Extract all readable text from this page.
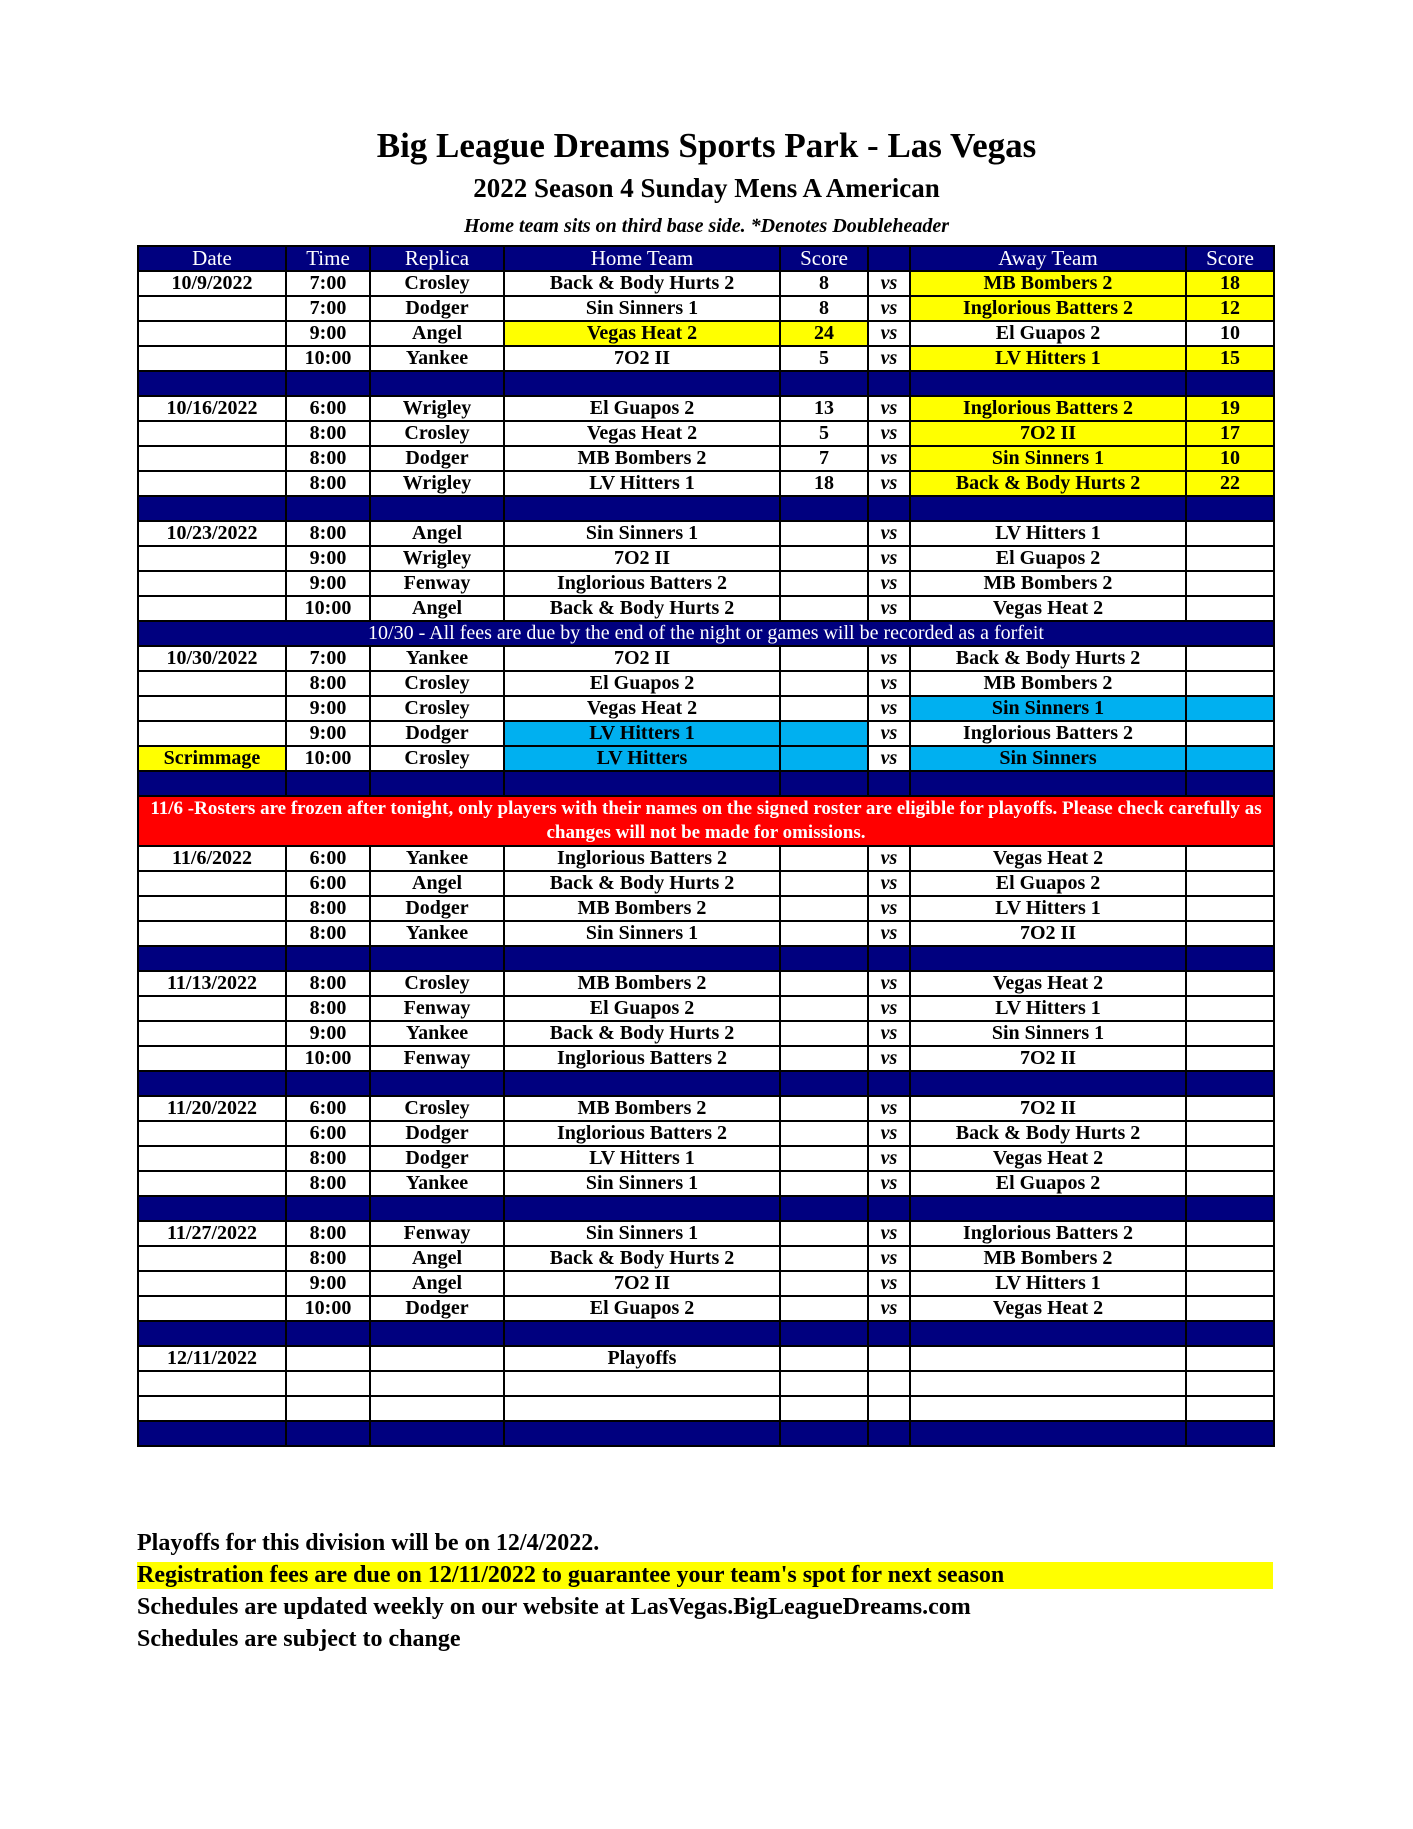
Big League Dreams Sports Park - Las Vegas
2022 Season 4 Sunday Mens A American
Home team sits on third base side. *Denotes Doubleheader
Date	Time	Replica	Home Team	Score		Away Team	Score
10/9/2022	7:00	Crosley	Back & Body Hurts 2	8	vs	MB Bombers 2	18
	7:00	Dodger	Sin Sinners 1	8	vs	Inglorious Batters 2	12
	9:00	Angel	Vegas Heat 2	24	vs	El Guapos 2	10
	10:00	Yankee	7O2 II	5	vs	LV Hitters 1	15

10/16/2022	6:00	Wrigley	El Guapos 2	13	vs	Inglorious Batters 2	19
	8:00	Crosley	Vegas Heat 2	5	vs	7O2 II	17
	8:00	Dodger	MB Bombers 2	7	vs	Sin Sinners 1	10
	8:00	Wrigley	LV Hitters 1	18	vs	Back & Body Hurts 2	22

10/23/2022	8:00	Angel	Sin Sinners 1		vs	LV Hitters 1	
	9:00	Wrigley	7O2 II		vs	El Guapos 2	
	9:00	Fenway	Inglorious Batters 2		vs	MB Bombers 2	
	10:00	Angel	Back & Body Hurts 2		vs	Vegas Heat 2	
10/30 - All fees are due by the end of the night or games will be recorded as a forfeit							
10/30/2022	7:00	Yankee	7O2 II		vs	Back & Body Hurts 2	
	8:00	Crosley	El Guapos 2		vs	MB Bombers 2	
	9:00	Crosley	Vegas Heat 2		vs	Sin Sinners 1	
	9:00	Dodger	LV Hitters 1		vs	Inglorious Batters 2	
Scrimmage	10:00	Crosley	LV Hitters		vs	Sin Sinners	

11/6 -Rosters are frozen after tonight, only players with their names on the signed roster are eligible for playoffs. Please check carefully as changes will not be made for omissions.							
11/6/2022	6:00	Yankee	Inglorious Batters 2		vs	Vegas Heat 2	
	6:00	Angel	Back & Body Hurts 2		vs	El Guapos 2	
	8:00	Dodger	MB Bombers 2		vs	LV Hitters 1	
	8:00	Yankee	Sin Sinners 1		vs	7O2 II	

11/13/2022	8:00	Crosley	MB Bombers 2		vs	Vegas Heat 2	
	8:00	Fenway	El Guapos 2		vs	LV Hitters 1	
	9:00	Yankee	Back & Body Hurts 2		vs	Sin Sinners 1	
	10:00	Fenway	Inglorious Batters 2		vs	7O2 II	

11/20/2022	6:00	Crosley	MB Bombers 2		vs	7O2 II	
	6:00	Dodger	Inglorious Batters 2		vs	Back & Body Hurts 2	
	8:00	Dodger	LV Hitters 1		vs	Vegas Heat 2	
	8:00	Yankee	Sin Sinners 1		vs	El Guapos 2	

11/27/2022	8:00	Fenway	Sin Sinners 1		vs	Inglorious Batters 2	
	8:00	Angel	Back & Body Hurts 2		vs	MB Bombers 2	
	9:00	Angel	7O2 II		vs	LV Hitters 1	
	10:00	Dodger	El Guapos 2		vs	Vegas Heat 2	

12/11/2022			Playoffs				

Playoffs for this division will be on 12/4/2022.
Registration fees are due on 12/11/2022 to guarantee your team's spot for next season
Schedules are updated weekly on our website at LasVegas.BigLeagueDreams.com
Schedules are subject to change
